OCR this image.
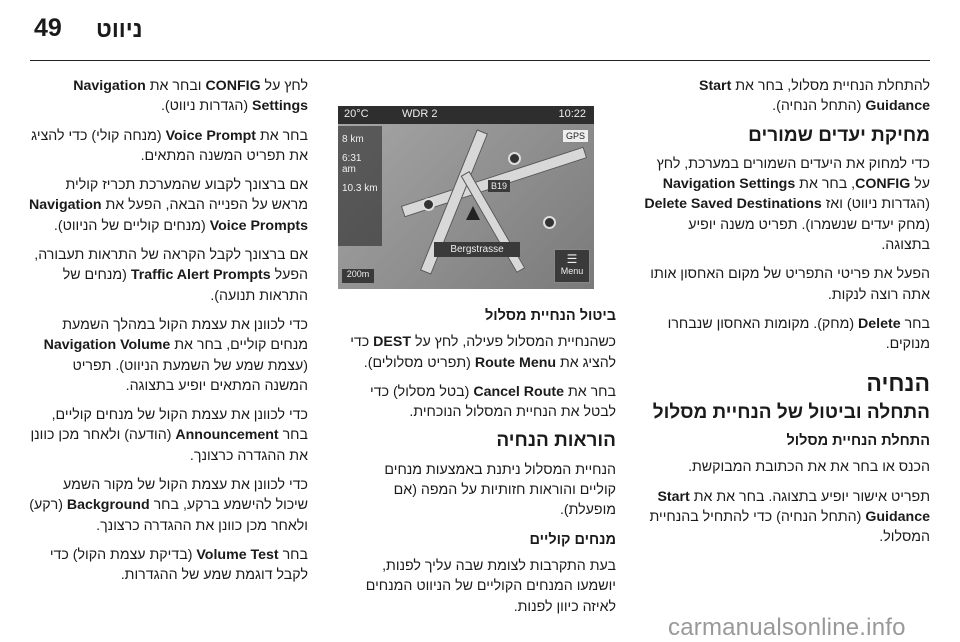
49 ניווט

להתחלת הנחיית מסלול, בחר את Start Guidance (התחל הנחיה).

מחיקת יעדים שמורים

כדי למחוק את היעדים השמורים במערכת, לחץ על CONFIG, בחר את Navigation Settings (הגדרות ניווט) ואז Delete Saved Destinations (מחק יעדים שנשמרו). תפריט משנה יופיע בתצוגה.

הפעל את פריטי התפריט של מקום האחסון אותו אתה רוצה לנקות.

בחר Delete (מחק). מקומות האחסון שנבחרו מנוקים.

הנחיה
התחלה וביטול של הנחיית מסלול
התחלת הנחיית מסלול

הכנס או בחר את את הכתובת המבוקשת.

תפריט אישור יופיע בתצוגה. בחר את את Start Guidance (התחל הנחיה) כדי להתחיל בהנחיית המסלול.

20°C	WDR 2	10:22
8 km
6:31 am
10.3 km	B19
GPS
Bergstrasse
200m
☰
Menu
ביטול הנחיית מסלול

כשהנחיית המסלול פעילה, לחץ על DEST כדי להציג את Route Menu (תפריט מסלולים).

בחר את Cancel Route (בטל מסלול) כדי לבטל את הנחיית המסלול הנוכחית.

הוראות הנחיה

הנחיית המסלול ניתנת באמצעות מנחים קוליים והוראות חזותיות על המפה (אם מופעלת).

מנחים קוליים

בעת התקרבות לצומת שבה עליך לפנות, יושמעו המנחים הקוליים של הניווט המנחים לאיזה כיוון לפנות.

לחץ על CONFIG ובחר את Navigation Settings (הגדרות ניווט).

בחר את Voice Prompt (מנחה קולי) כדי להציג את תפריט המשנה המתאים.

אם ברצונך לקבוע שהמערכת תכריז קולית מראש על הפנייה הבאה, הפעל את Navigation Voice Prompts (מנחים קוליים של הניווט).

אם ברצונך לקבל הקראה של התראות תעבורה, הפעל Traffic Alert Prompts (מנחים של התראות תנועה).

כדי לכוונן את עצמת הקול במהלך השמעת מנחים קוליים, בחר את Navigation Volume (עצמת שמע של השמעת הניווט). תפריט המשנה המתאים יופיע בתצוגה.

כדי לכוונן את עצמת הקול של מנחים קוליים, בחר Announcement (הודעה) ולאחר מכן כוונן את ההגדרה כרצונך.

כדי לכוונן את עצמת הקול של מקור השמע שיכול להישמע ברקע, בחר Background (רקע) ולאחר מכן כוונן את ההגדרה כרצונך.

בחר Volume Test (בדיקת עצמת הקול) כדי לקבל דוגמת שמע של ההגדרות.

carmanualsonline.info
